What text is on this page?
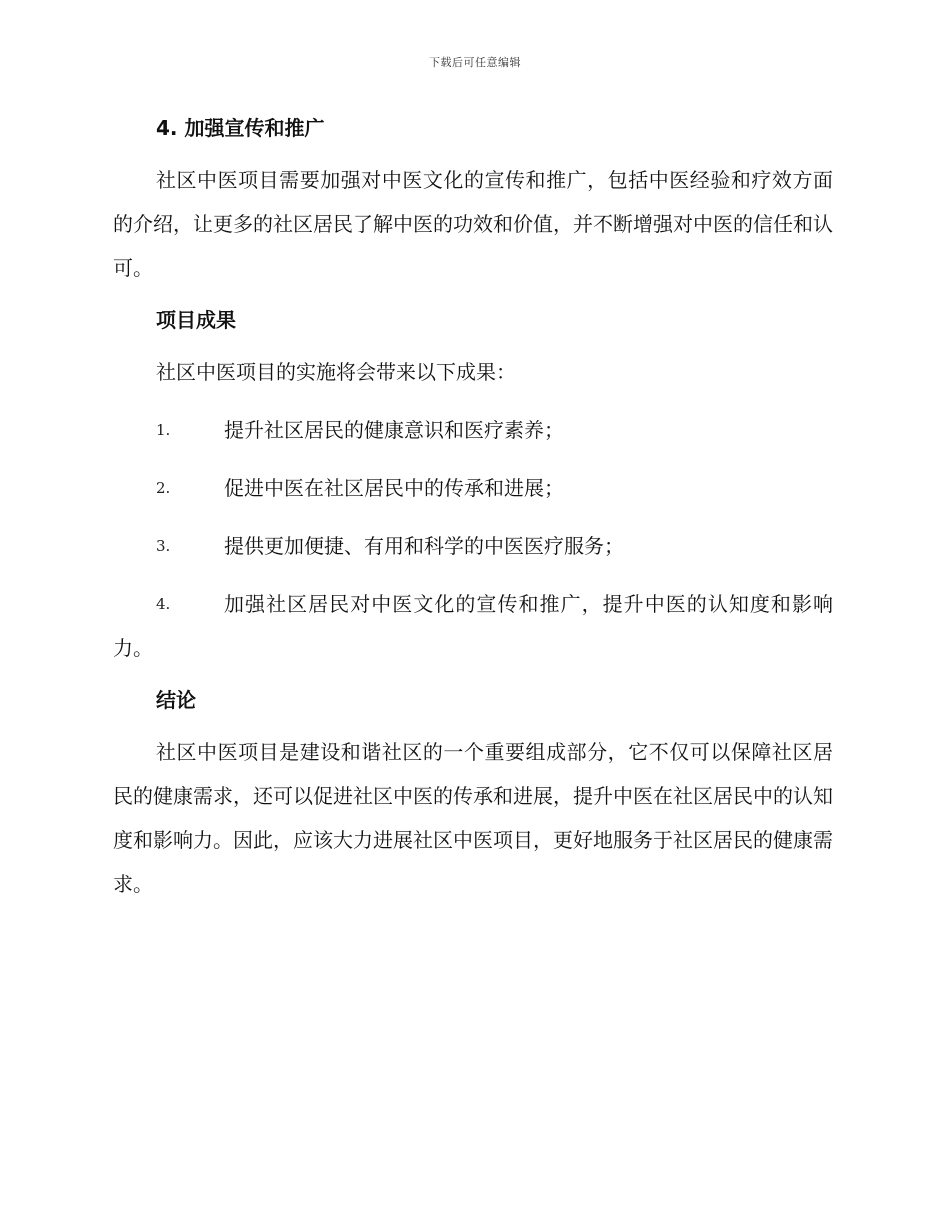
下载后可任意编辑
4. 加强宣传和推广

社区中医项目需要加强对中医文化的宣传和推广，包括中医经验和疗效方面的介绍，让更多的社区居民了解中医的功效和价值，并不断增强对中医的信任和认可。

项目成果

社区中医项目的实施将会带来以下成果：

1.	提升社区居民的健康意识和医疗素养；
2.	促进中医在社区居民中的传承和进展；
3.	提供更加便捷、有用和科学的中医医疗服务；
4.	加强社区居民对中医文化的宣传和推广，提升中医的认知度和影响力。
结论

社区中医项目是建设和谐社区的一个重要组成部分，它不仅可以保障社区居民的健康需求，还可以促进社区中医的传承和进展，提升中医在社区居民中的认知度和影响力。因此，应该大力进展社区中医项目，更好地服务于社区居民的健康需求。
